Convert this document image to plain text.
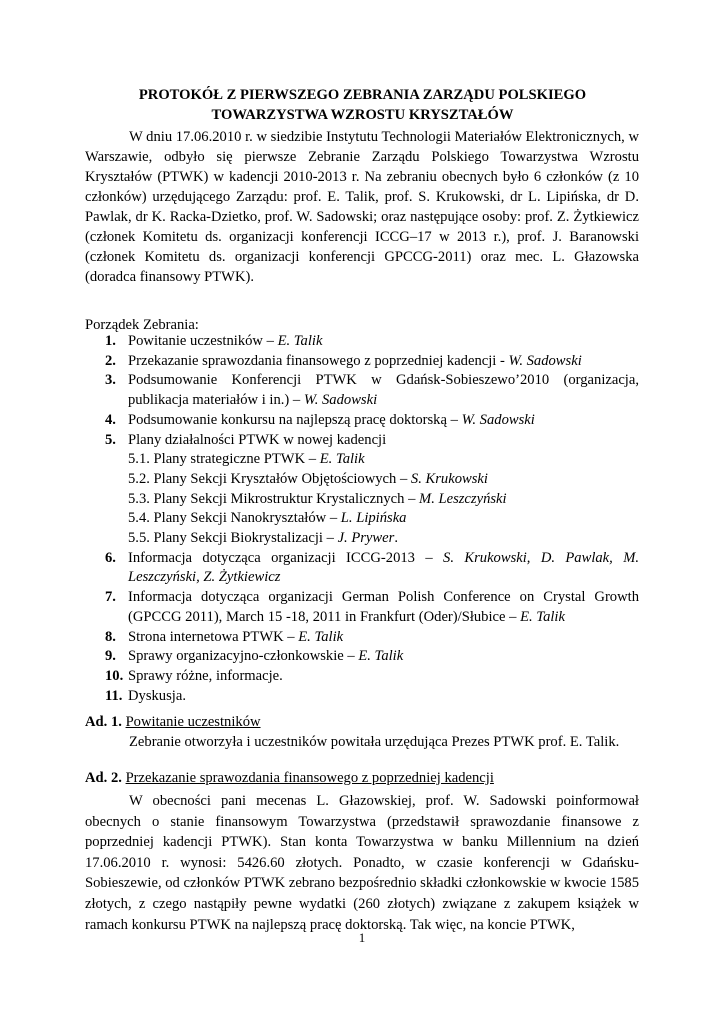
PROTOKÓŁ Z PIERWSZEGO ZEBRANIA ZARZĄDU POLSKIEGO
TOWARZYSTWA WZROSTU KRYSZTAŁÓW
W dniu 17.06.2010 r. w siedzibie Instytutu Technologii Materiałów Elektronicznych, w Warszawie, odbyło się pierwsze Zebranie Zarządu Polskiego Towarzystwa Wzrostu Kryształów (PTWK) w kadencji 2010-2013 r. Na zebraniu obecnych było 6 członków (z 10 członków) urzędującego Zarządu: prof. E. Talik, prof. S. Krukowski, dr L. Lipińska, dr D. Pawlak, dr K. Racka-Dzietko, prof. W. Sadowski; oraz następujące osoby: prof. Z. Żytkiewicz (członek Komitetu ds. organizacji konferencji ICCG–17 w 2013 r.), prof. J. Baranowski (członek Komitetu ds. organizacji konferencji GPCCG-2011) oraz mec. L. Głazowska (doradca finansowy PTWK).
Porządek Zebrania:
1. Powitanie uczestników – E. Talik
2. Przekazanie sprawozdania finansowego z poprzedniej kadencji - W. Sadowski
3. Podsumowanie Konferencji PTWK w Gdańsk-Sobieszewo’2010 (organizacja, publikacja materiałów i in.) – W. Sadowski
4. Podsumowanie konkursu na najlepszą pracę doktorską – W. Sadowski
5. Plany działalności PTWK w nowej kadencji
5.1. Plany strategiczne PTWK – E. Talik
5.2. Plany Sekcji Kryształów Objętościowych – S. Krukowski
5.3. Plany Sekcji Mikrostruktur Krystalicznych – M. Leszczyński
5.4. Plany Sekcji Nanokryształów – L. Lipińska
5.5. Plany Sekcji Biokrystalizacji – J. Prywer.
6. Informacja dotycząca organizacji ICCG-2013 – S. Krukowski, D. Pawlak, M. Leszczyński, Z. Żytkiewicz
7. Informacja dotycząca organizacji German Polish Conference on Crystal Growth (GPCCG 2011), March 15 -18, 2011 in Frankfurt (Oder)/Słubice – E. Talik
8. Strona internetowa PTWK – E. Talik
9. Sprawy organizacyjno-członkowskie – E. Talik
10. Sprawy różne, informacje.
11. Dyskusja.
Ad. 1. Powitanie uczestników
Zebranie otworzyła i uczestników powitała urzędująca Prezes PTWK prof. E. Talik.
Ad. 2. Przekazanie sprawozdania finansowego z poprzedniej kadencji
W obecności pani mecenas L. Głazowskiej, prof. W. Sadowski poinformował obecnych o stanie finansowym Towarzystwa (przedstawił sprawozdanie finansowe z poprzedniej kadencji PTWK). Stan konta Towarzystwa w banku Millennium na dzień 17.06.2010 r. wynosi: 5426.60 złotych. Ponadto, w czasie konferencji w Gdańsku-Sobieszewie, od członków PTWK zebrano bezpośrednio składki członkowskie w kwocie 1585 złotych, z czego nastąpiły pewne wydatki (260 złotych) związane z zakupem książek w ramach konkursu PTWK na najlepszą pracę doktorską. Tak więc, na koncie PTWK,
1
